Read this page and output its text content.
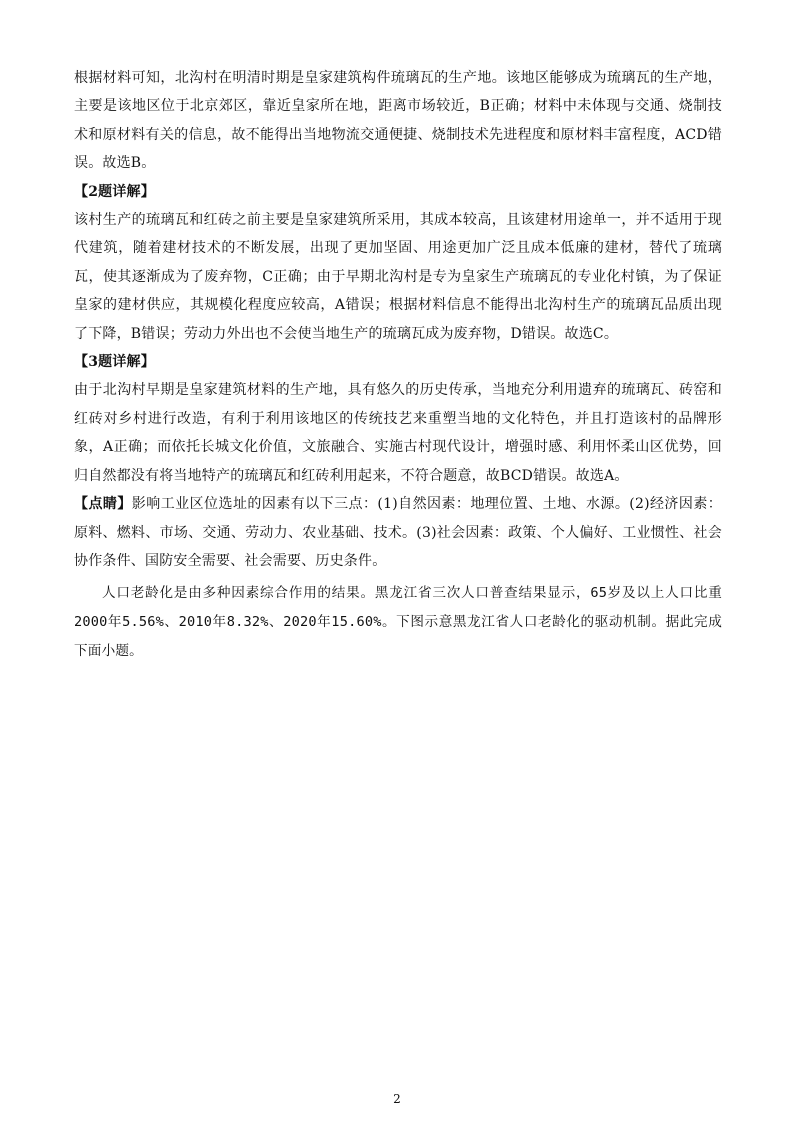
根据材料可知，北沟村在明清时期是皇家建筑构件琉璃瓦的生产地。该地区能够成为琉璃瓦的生产地，主要是该地区位于北京郊区，靠近皇家所在地，距离市场较近，B正确；材料中未体现与交通、烧制技术和原材料有关的信息，故不能得出当地物流交通便捷、烧制技术先进程度和原材料丰富程度，ACD错误。故选B。

【2题详解】

该村生产的琉璃瓦和红砖之前主要是皇家建筑所采用，其成本较高，且该建材用途单一，并不适用于现代建筑，随着建材技术的不断发展，出现了更加坚固、用途更加广泛且成本低廉的建材，替代了琉璃瓦，使其逐渐成为了废弃物，C正确；由于早期北沟村是专为皇家生产琉璃瓦的专业化村镇，为了保证皇家的建材供应，其规模化程度应较高，A错误；根据材料信息不能得出北沟村生产的琉璃瓦品质出现了下降，B错误；劳动力外出也不会使当地生产的琉璃瓦成为废弃物，D错误。故选C。

【3题详解】

由于北沟村早期是皇家建筑材料的生产地，具有悠久的历史传承，当地充分利用遗弃的琉璃瓦、砖窑和红砖对乡村进行改造，有利于利用该地区的传统技艺来重塑当地的文化特色，并且打造该村的品牌形象，A正确；而依托长城文化价值，文旅融合、实施古村现代设计，增强时感、利用怀柔山区优势，回归自然都没有将当地特产的琉璃瓦和红砖利用起来，不符合题意，故BCD错误。故选A。

【点睛】影响工业区位选址的因素有以下三点：(1)自然因素：地理位置、土地、水源。(2)经济因素：原料、燃料、市场、交通、劳动力、农业基础、技术。(3)社会因素：政策、个人偏好、工业惯性、社会协作条件、国防安全需要、社会需要、历史条件。

人口老龄化是由多种因素综合作用的结果。黑龙江省三次人口普查结果显示，65岁及以上人口比重2000年5.56%、2010年8.32%、2020年15.60%。下图示意黑龙江省人口老龄化的驱动机制。据此完成下面小题。

2
